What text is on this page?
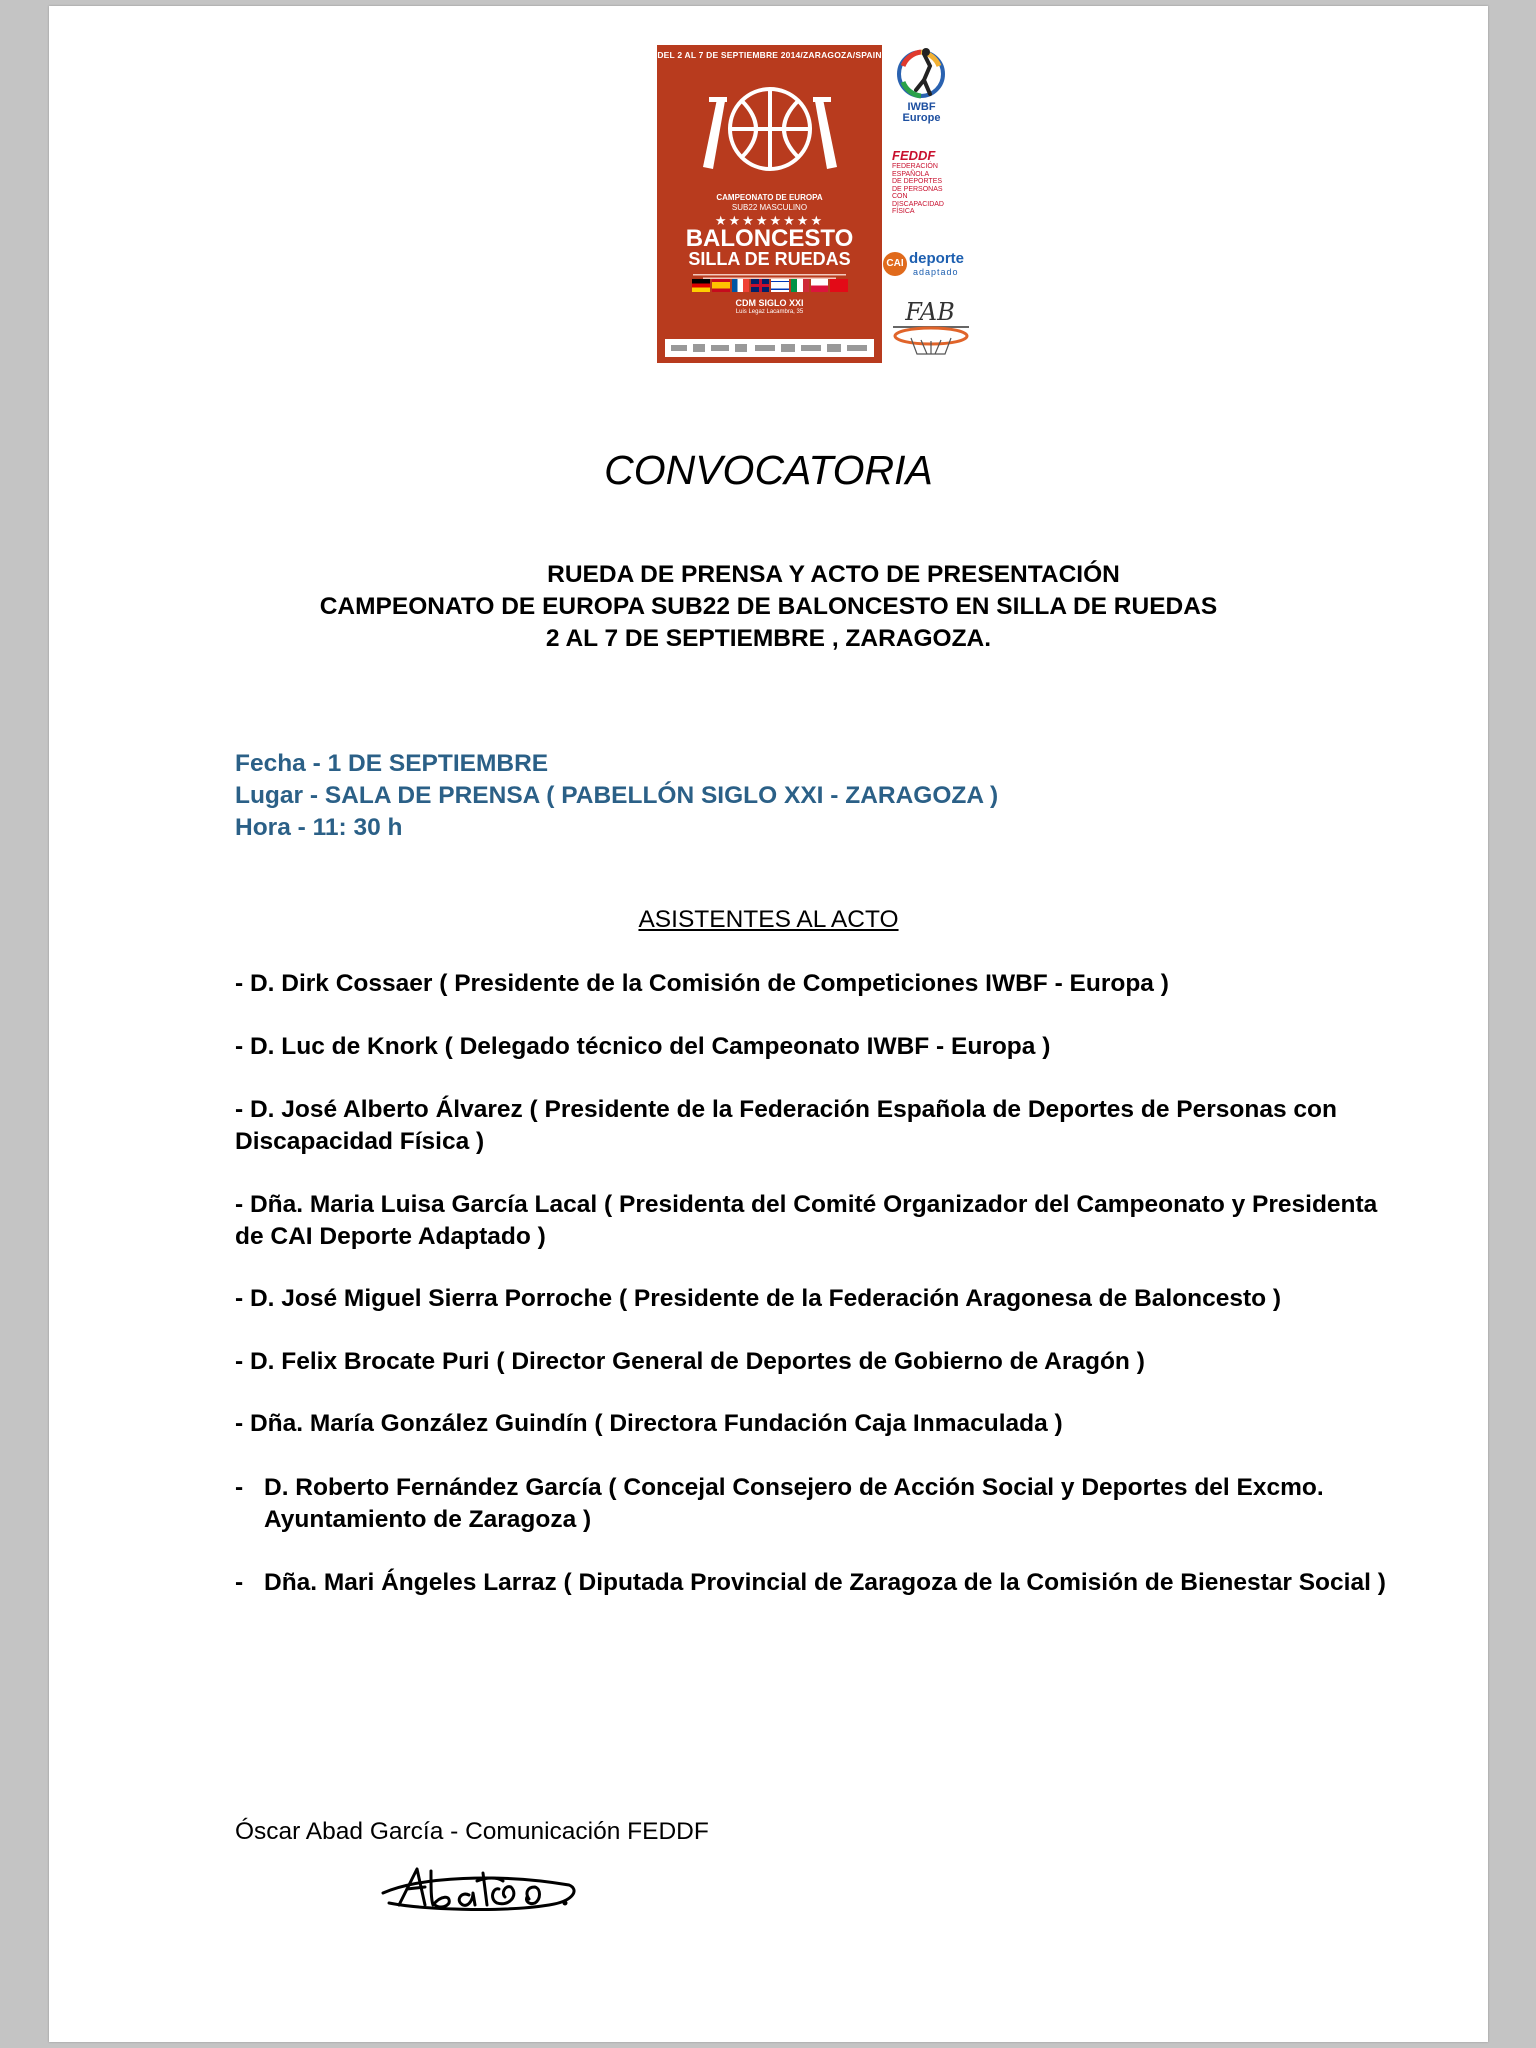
DEL 2 AL 7 DE SEPTIEMBRE 2014/ZARAGOZA/SPAIN
CAMPEONATO DE EUROPA
SUB22 MASCULINO
★★★★★★★★
BALONCESTO
SILLA DE RUEDAS
CDM SIGLO XXI
Luis Legaz Lacambra, 35
IWBF
Europe
FEDDF
FEDERACIÓN
ESPAÑOLA
DE DEPORTES
DE PERSONAS CON
DISCAPACIDAD
FÍSICA
CAI deporte
adaptado
FAB
CONVOCATORIA
RUEDA DE PRENSA Y ACTO DE PRESENTACIÓN
CAMPEONATO DE EUROPA SUB22 DE BALONCESTO EN SILLA DE RUEDAS
2 AL 7 DE SEPTIEMBRE , ZARAGOZA.
Fecha - 1 DE SEPTIEMBRE
Lugar - SALA DE PRENSA ( PABELLÓN SIGLO XXI - ZARAGOZA )
Hora - 11: 30 h
ASISTENTES AL ACTO
- D. Dirk Cossaer ( Presidente de la Comisión de Competiciones IWBF - Europa )
- D. Luc de Knork ( Delegado técnico del Campeonato IWBF - Europa )
- D. José Alberto Álvarez ( Presidente de la Federación Española de Deportes de Personas con Discapacidad Física )
- Dña. Maria Luisa García Lacal ( Presidenta del Comité Organizador del Campeonato y Presidenta de CAI Deporte Adaptado )
- D. José Miguel Sierra Porroche ( Presidente de la Federación Aragonesa de Baloncesto )
- D. Felix Brocate Puri ( Director General de Deportes de Gobierno de Aragón )
- Dña. María González Guindín ( Directora Fundación Caja Inmaculada )
- D. Roberto Fernández García ( Concejal Consejero de Acción Social y Deportes del Excmo. Ayuntamiento de Zaragoza )
- Dña. Mari Ángeles Larraz ( Diputada Provincial de Zaragoza de la Comisión de Bienestar Social )
Óscar Abad García - Comunicación FEDDF
